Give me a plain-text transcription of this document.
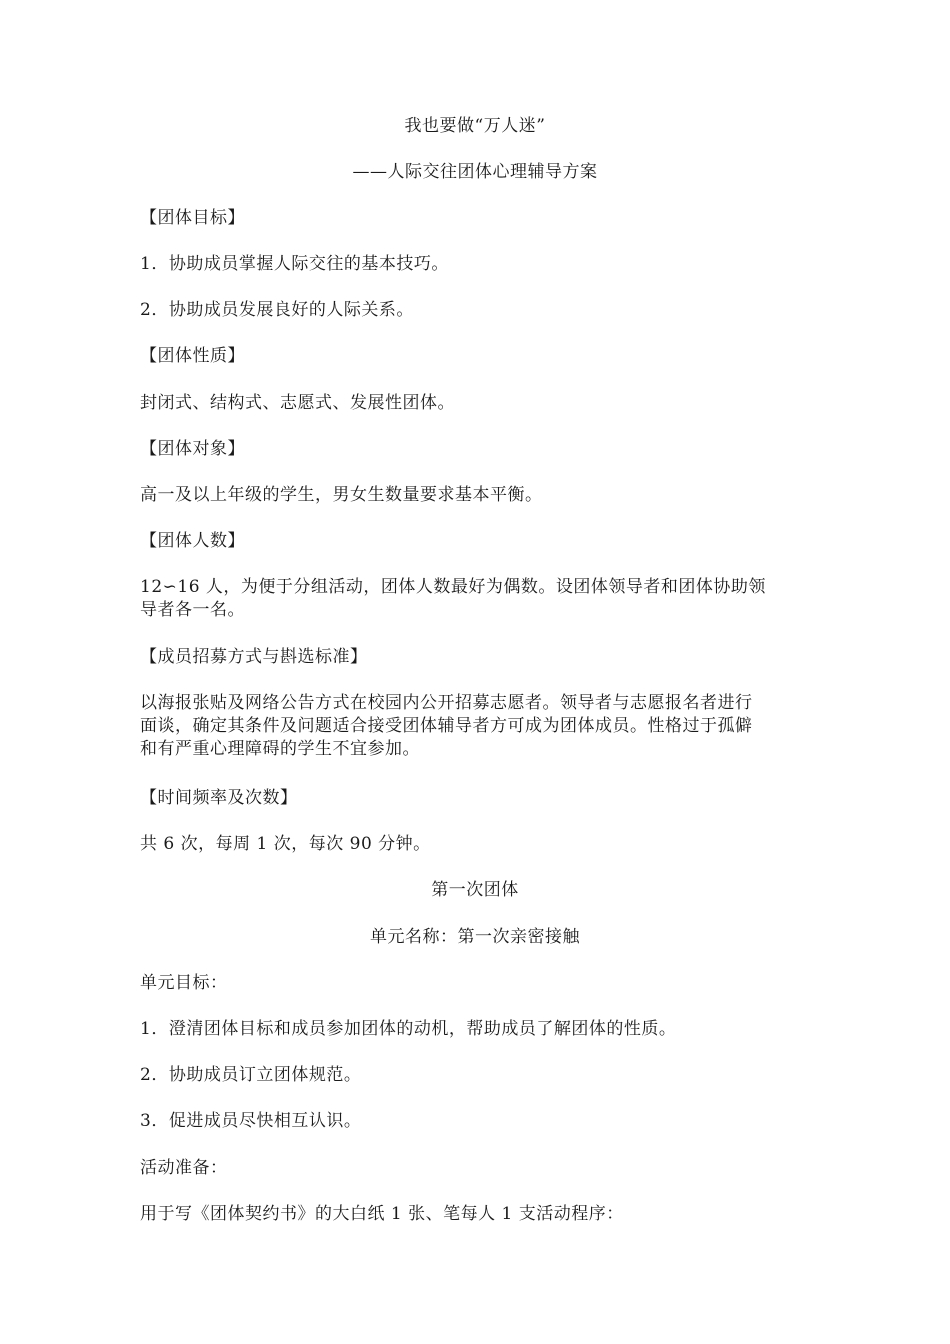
我也要做“万人迷”

——人际交往团体心理辅导方案

【团体目标】

1．协助成员掌握人际交往的基本技巧。

2．协助成员发展良好的人际关系。

【团体性质】

封闭式、结构式、志愿式、发展性团体。

【团体对象】

高一及以上年级的学生，男女生数量要求基本平衡。

【团体人数】

12∽16 人，为便于分组活动，团体人数最好为偶数。设团体领导者和团体协助领

导者各一名。

【成员招募方式与斟选标准】

以海报张贴及网络公告方式在校园内公开招募志愿者。领导者与志愿报名者进行

面谈，确定其条件及问题适合接受团体辅导者方可成为团体成员。性格过于孤僻

和有严重心理障碍的学生不宜参加。

【时间频率及次数】

共 6 次，每周 1 次，每次 90 分钟。

第一次团体

单元名称：第一次亲密接触

单元目标：

1．澄清团体目标和成员参加团体的动机，帮助成员了解团体的性质。

2．协助成员订立团体规范。

3．促进成员尽快相互认识。

活动准备：

用于写《团体契约书》的大白纸 1 张、笔每人 1 支活动程序：
